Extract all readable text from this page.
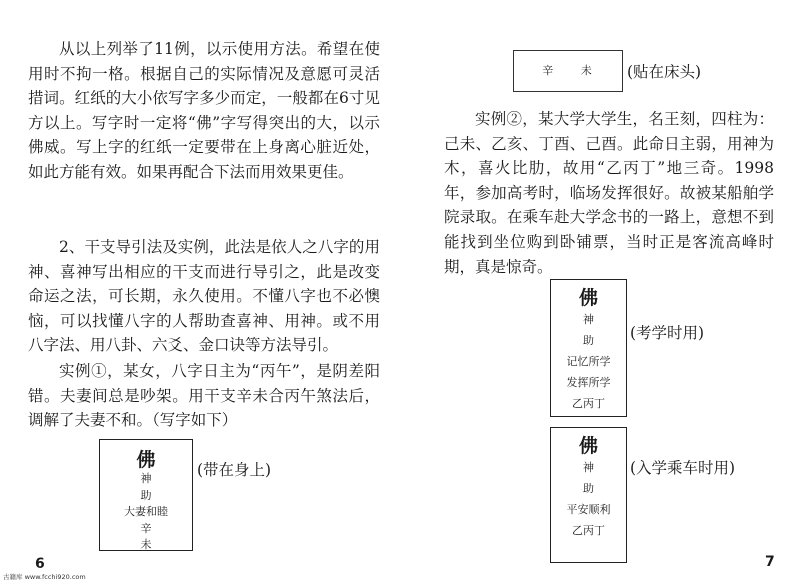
从以上列举了11例，以示使用方法。希望在使用时不拘一格。根据自己的实际情况及意愿可灵活措词。红纸的大小依写字多少而定，一般都在6寸见方以上。写字时一定将“佛”字写得突出的大，以示佛威。写上字的红纸一定要带在上身离心脏近处，如此方能有效。如果再配合下法而用效果更佳。

2、干支导引法及实例，此法是依人之八字的用神、喜神写出相应的干支而进行导引之，此是改变命运之法，可长期，永久使用。不懂八字也不必懊恼，可以找懂八字的人帮助查喜神、用神。或不用八字法、用八卦、六爻、金口诀等方法导引。

实例①，某女，八字日主为“丙午”，是阴差阳错。夫妻间总是吵架。用干支辛未合丙午煞法后，调解了夫妻不和。（写字如下）

佛
神
助
大妻和睦
辛
未
(带在身上)
6
辛 未	(贴在床头)

实例②，某大学大学生，名王刻，四柱为：己未、乙亥、丁酉、己酉。此命日主弱，用神为木，喜火比肋，故用“乙丙丁”地三奇。1998年，参加高考时，临场发挥很好。故被某船舶学院录取。在乘车赴大学念书的一路上，意想不到能找到坐位购到卧铺票，当时正是客流高峰时期，真是惊奇。

佛
神
助
记忆所学
发挥所学
乙丙丁
(考学时用)
佛
神
助
平安顺利
乙丙丁
(入学乘车时用)
7
古籍库 www.fcchi920.com
